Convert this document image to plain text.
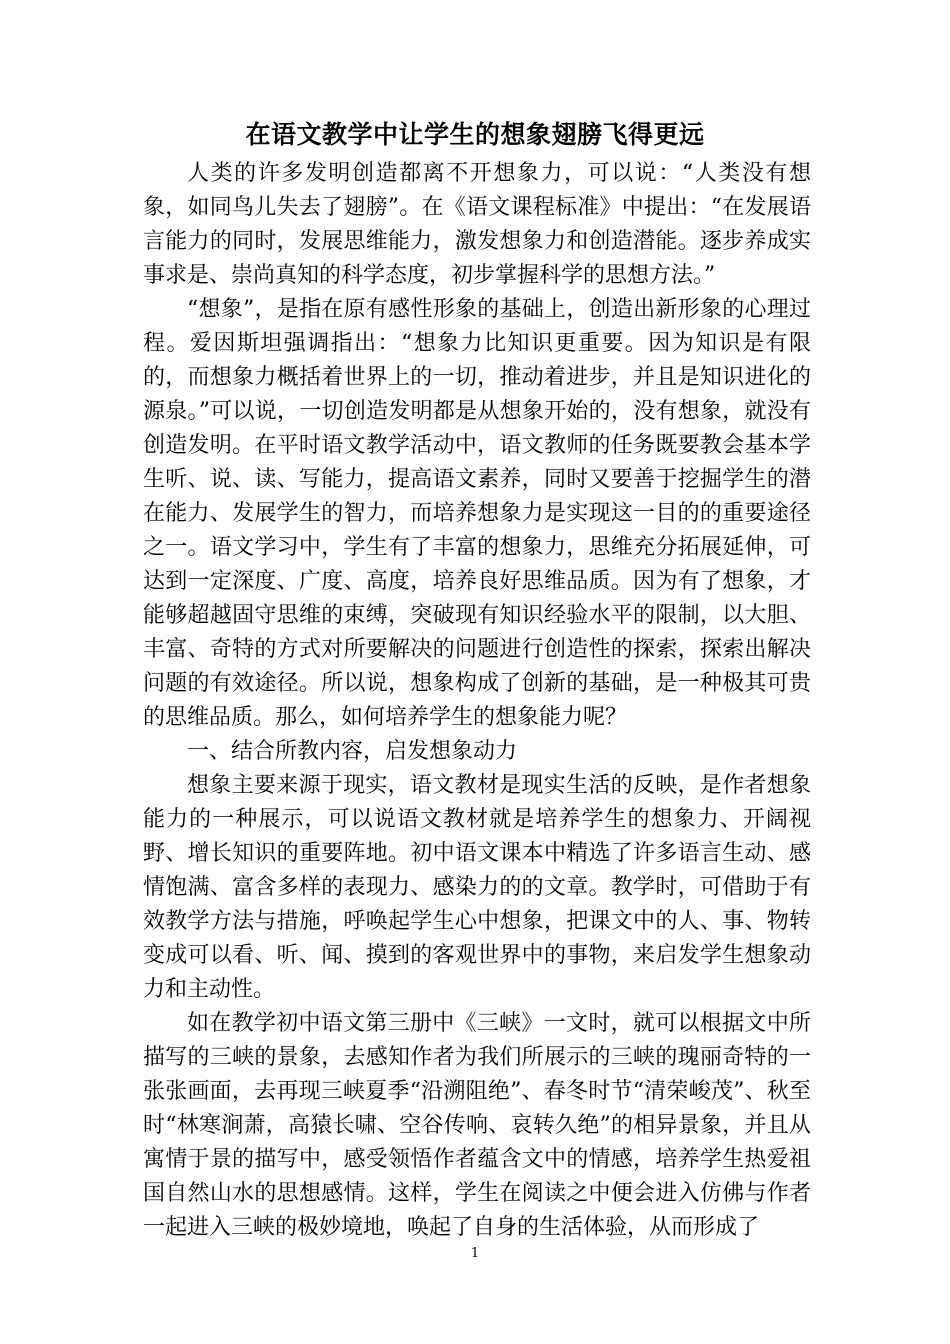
在语文教学中让学生的想象翅膀飞得更远

人类的许多发明创造都离不开想象力，可以说：“人类没有想象，如同鸟儿失去了翅膀”。在《语文课程标准》中提出：“在发展语言能力的同时，发展思维能力，激发想象力和创造潜能。逐步养成实事求是、崇尚真知的科学态度，初步掌握科学的思想方法。”

“想象”，是指在原有感性形象的基础上，创造出新形象的心理过程。爱因斯坦强调指出：“想象力比知识更重要。因为知识是有限的，而想象力概括着世界上的一切，推动着进步，并且是知识进化的源泉。”可以说，一切创造发明都是从想象开始的，没有想象，就没有创造发明。在平时语文教学活动中，语文教师的任务既要教会基本学生听、说、读、写能力，提高语文素养，同时又要善于挖掘学生的潜在能力、发展学生的智力，而培养想象力是实现这一目的的重要途径之一。语文学习中，学生有了丰富的想象力，思维充分拓展延伸，可达到一定深度、广度、高度，培养良好思维品质。因为有了想象，才能够超越固守思维的束缚，突破现有知识经验水平的限制，以大胆、丰富、奇特的方式对所要解决的问题进行创造性的探索，探索出解决问题的有效途径。所以说，想象构成了创新的基础，是一种极其可贵的思维品质。那么，如何培养学生的想象能力呢？

一、结合所教内容，启发想象动力

想象主要来源于现实，语文教材是现实生活的反映，是作者想象能力的一种展示，可以说语文教材就是培养学生的想象力、开阔视野、增长知识的重要阵地。初中语文课本中精选了许多语言生动、感情饱满、富含多样的表现力、感染力的的文章。教学时，可借助于有效教学方法与措施，呼唤起学生心中想象，把课文中的人、事、物转变成可以看、听、闻、摸到的客观世界中的事物，来启发学生想象动力和主动性。

如在教学初中语文第三册中《三峡》一文时，就可以根据文中所描写的三峡的景象，去感知作者为我们所展示的三峡的瑰丽奇特的一张张画面，去再现三峡夏季“沿溯阻绝”、春冬时节“清荣峻茂”、秋至时“林寒涧萧，高猿长啸、空谷传响、哀转久绝”的相异景象，并且从寓情于景的描写中，感受领悟作者蕴含文中的情感，培养学生热爱祖国自然山水的思想感情。这样，学生在阅读之中便会进入仿佛与作者一起进入三峡的极妙境地，唤起了自身的生活体验，从而形成了

1
